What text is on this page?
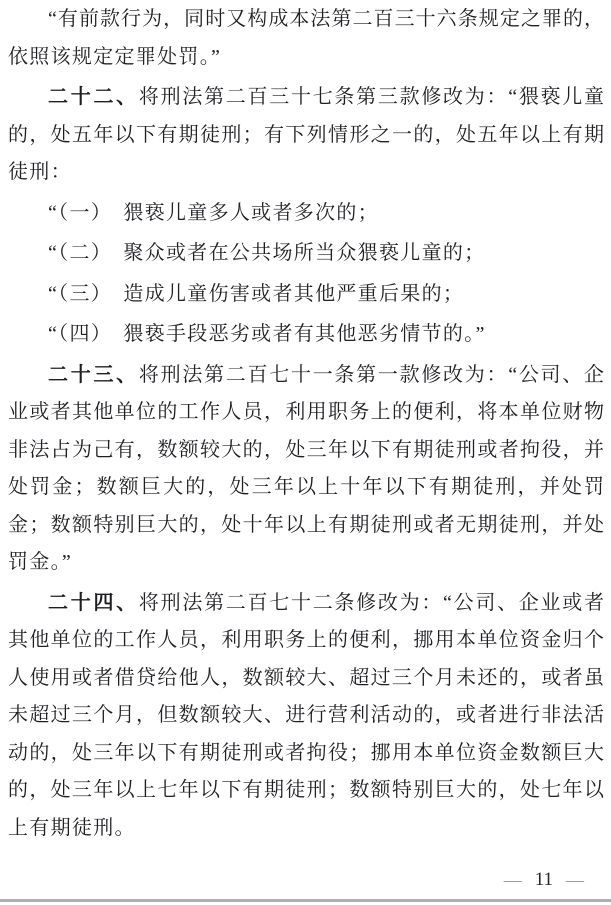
“有前款行为，同时又构成本法第二百三十六条规定之罪的，
依照该规定定罪处罚。”
二十二、将刑法第二百三十七条第三款修改为：“猥亵儿童
的，处五年以下有期徒刑；有下列情形之一的，处五年以上有期
徒刑：
“（一）　猥亵儿童多人或者多次的；
“（二）　聚众或者在公共场所当众猥亵儿童的；
“（三）　造成儿童伤害或者其他严重后果的；
“（四）　猥亵手段恶劣或者有其他恶劣情节的。”
二十三、将刑法第二百七十一条第一款修改为：“公司、企
业或者其他单位的工作人员，利用职务上的便利，将本单位财物
非法占为己有，数额较大的，处三年以下有期徒刑或者拘役，并
处罚金；数额巨大的，处三年以上十年以下有期徒刑，并处罚
金；数额特别巨大的，处十年以上有期徒刑或者无期徒刑，并处
罚金。”
二十四、将刑法第二百七十二条修改为：“公司、企业或者
其他单位的工作人员，利用职务上的便利，挪用本单位资金归个
人使用或者借贷给他人，数额较大、超过三个月未还的，或者虽
未超过三个月，但数额较大、进行营利活动的，或者进行非法活
动的，处三年以下有期徒刑或者拘役；挪用本单位资金数额巨大
的，处三年以上七年以下有期徒刑；数额特别巨大的，处七年以
上有期徒刑。
— 11 —
